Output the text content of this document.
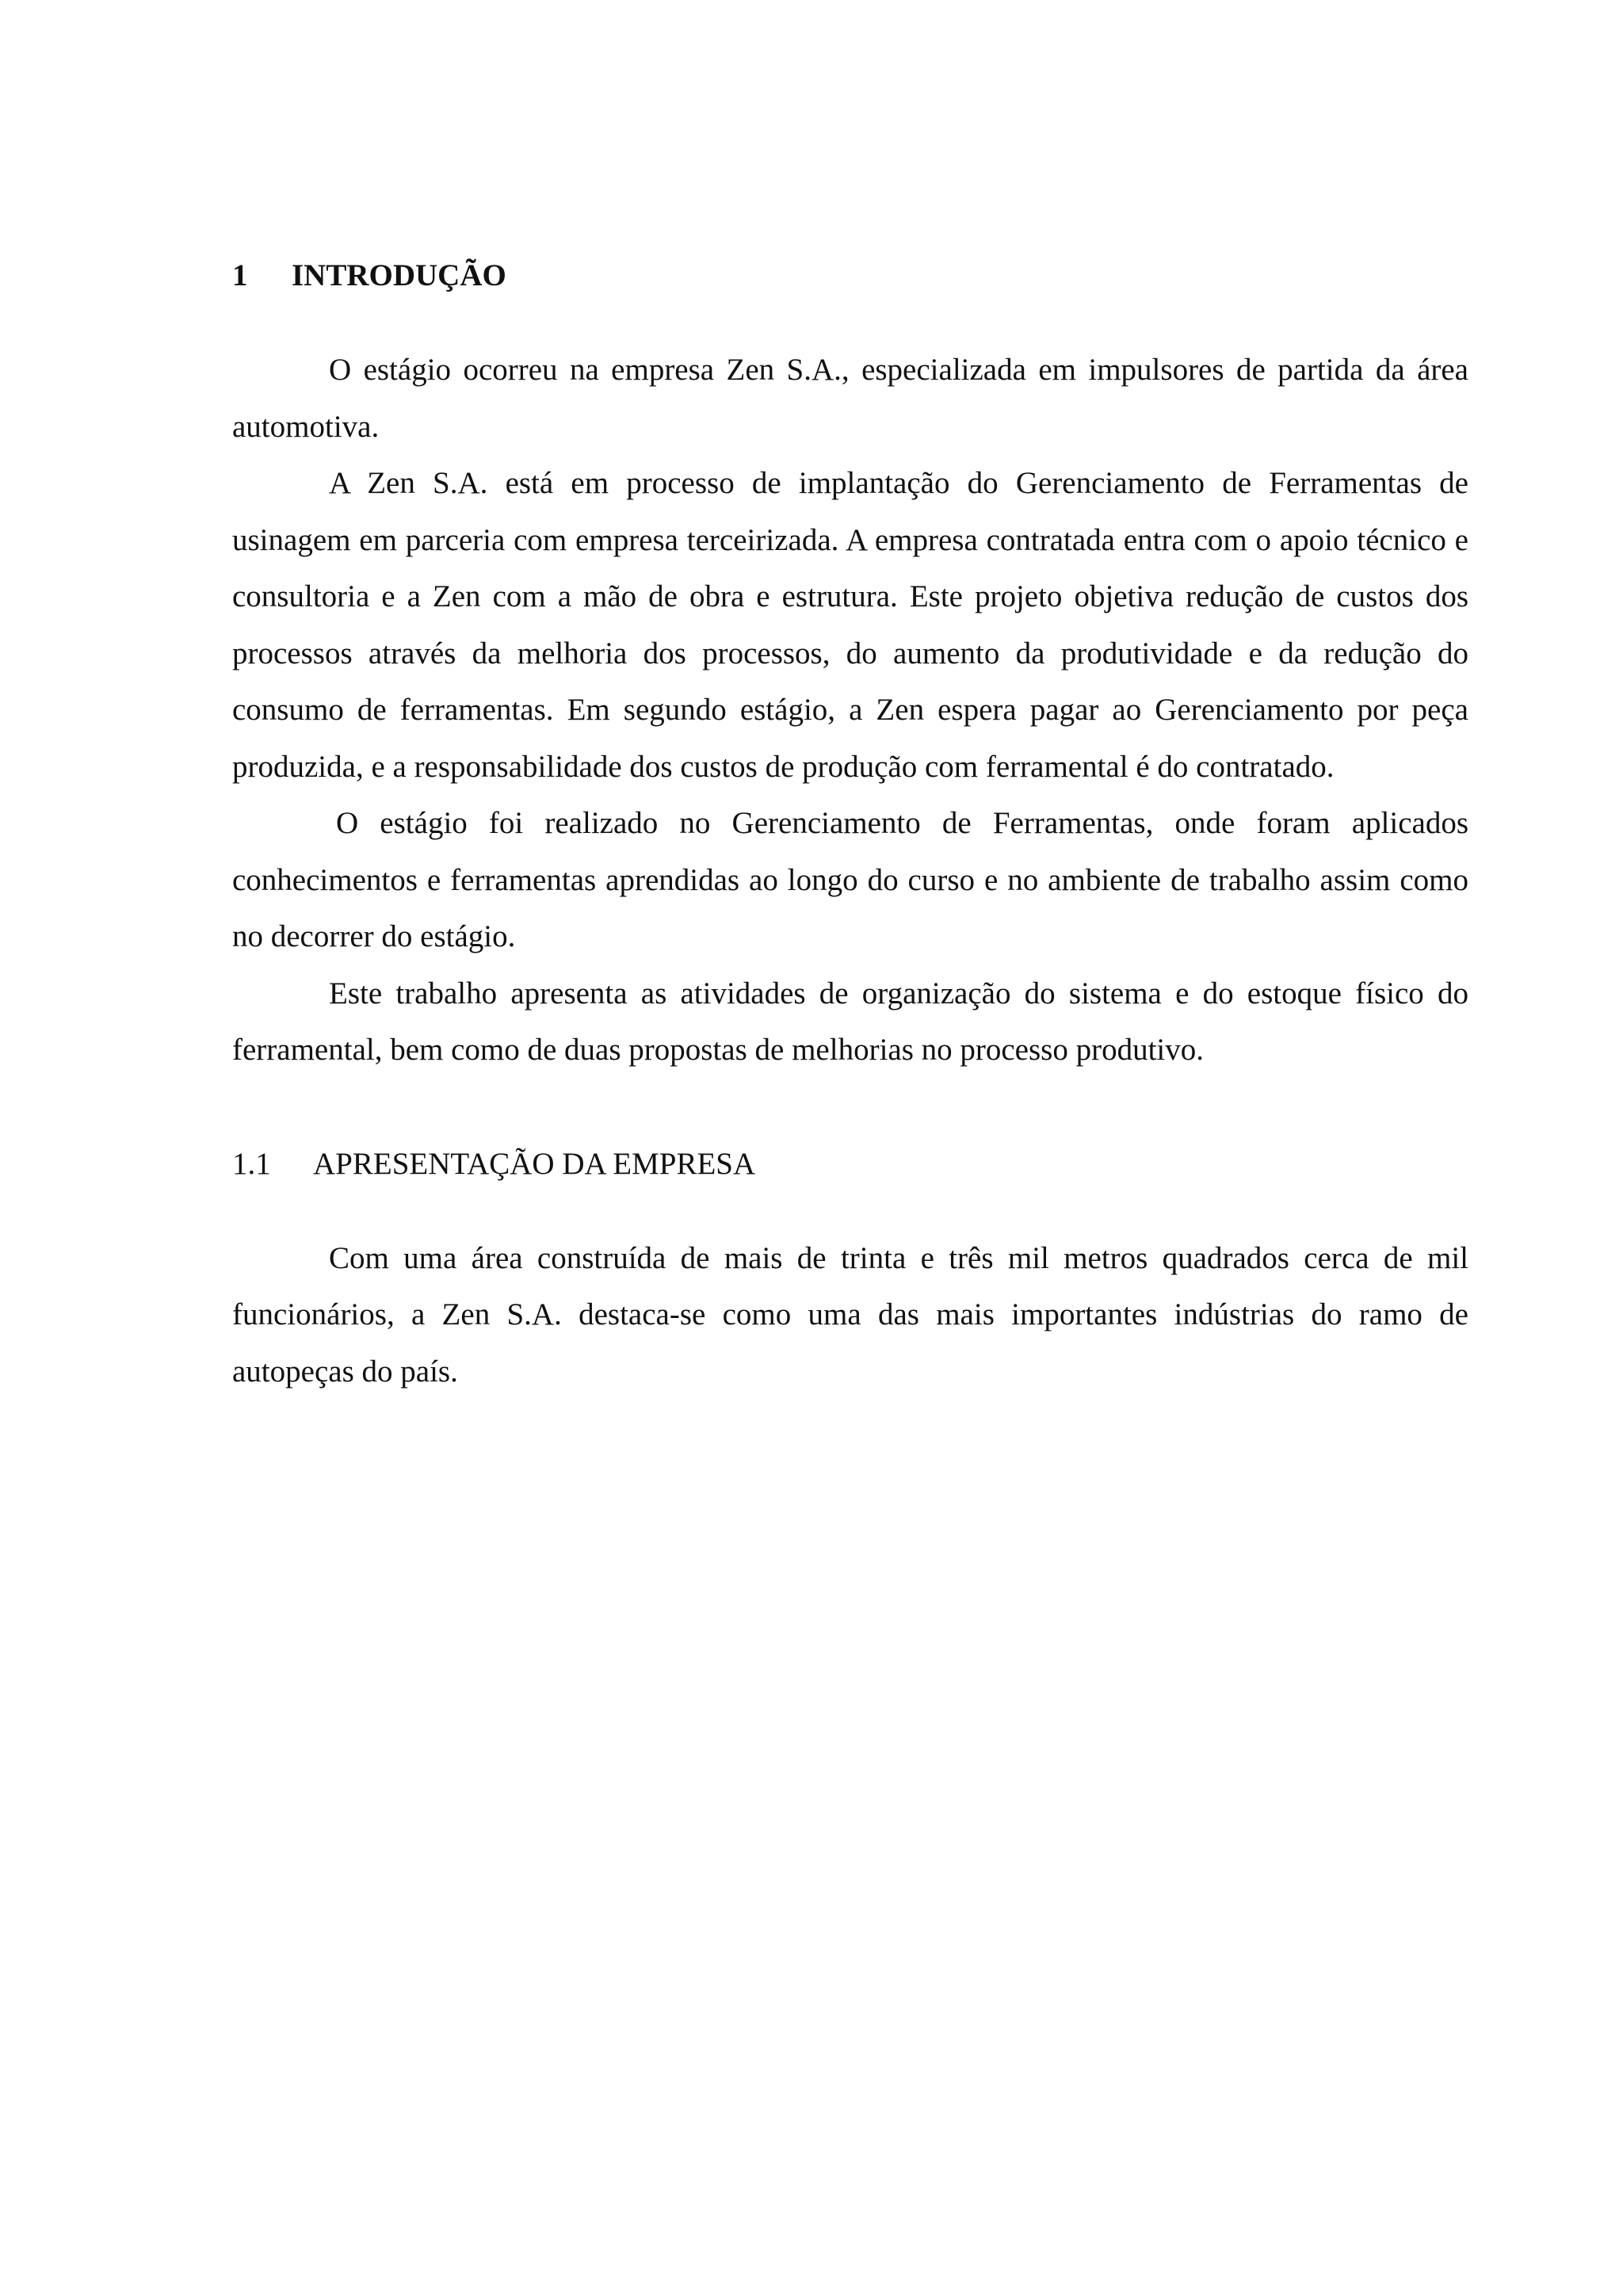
1	INTRODUÇÃO

O estágio ocorreu na empresa Zen S.A., especializada em impulsores de partida da área automotiva.

A Zen S.A. está em processo de implantação do Gerenciamento de Ferramentas de usinagem em parceria com empresa terceirizada. A empresa contratada entra com o apoio técnico e consultoria e a Zen com a mão de obra e estrutura. Este projeto objetiva redução de custos dos processos através da melhoria dos processos, do aumento da produtividade e da redução do consumo de ferramentas. Em segundo estágio, a Zen espera pagar ao Gerenciamento por peça produzida, e a responsabilidade dos custos de produção com ferramental é do contratado.

O estágio foi realizado no Gerenciamento de Ferramentas, onde foram aplicados conhecimentos e ferramentas aprendidas ao longo do curso e no ambiente de trabalho assim como no decorrer do estágio.

Este trabalho apresenta as atividades de organização do sistema e do estoque físico do ferramental, bem como de duas propostas de melhorias no processo produtivo.

1.1	APRESENTAÇÃO DA EMPRESA

Com uma área construída de mais de trinta e três mil metros quadrados cerca de mil funcionários, a Zen S.A. destaca-se como uma das mais importantes indústrias do ramo de autopeças do país.
